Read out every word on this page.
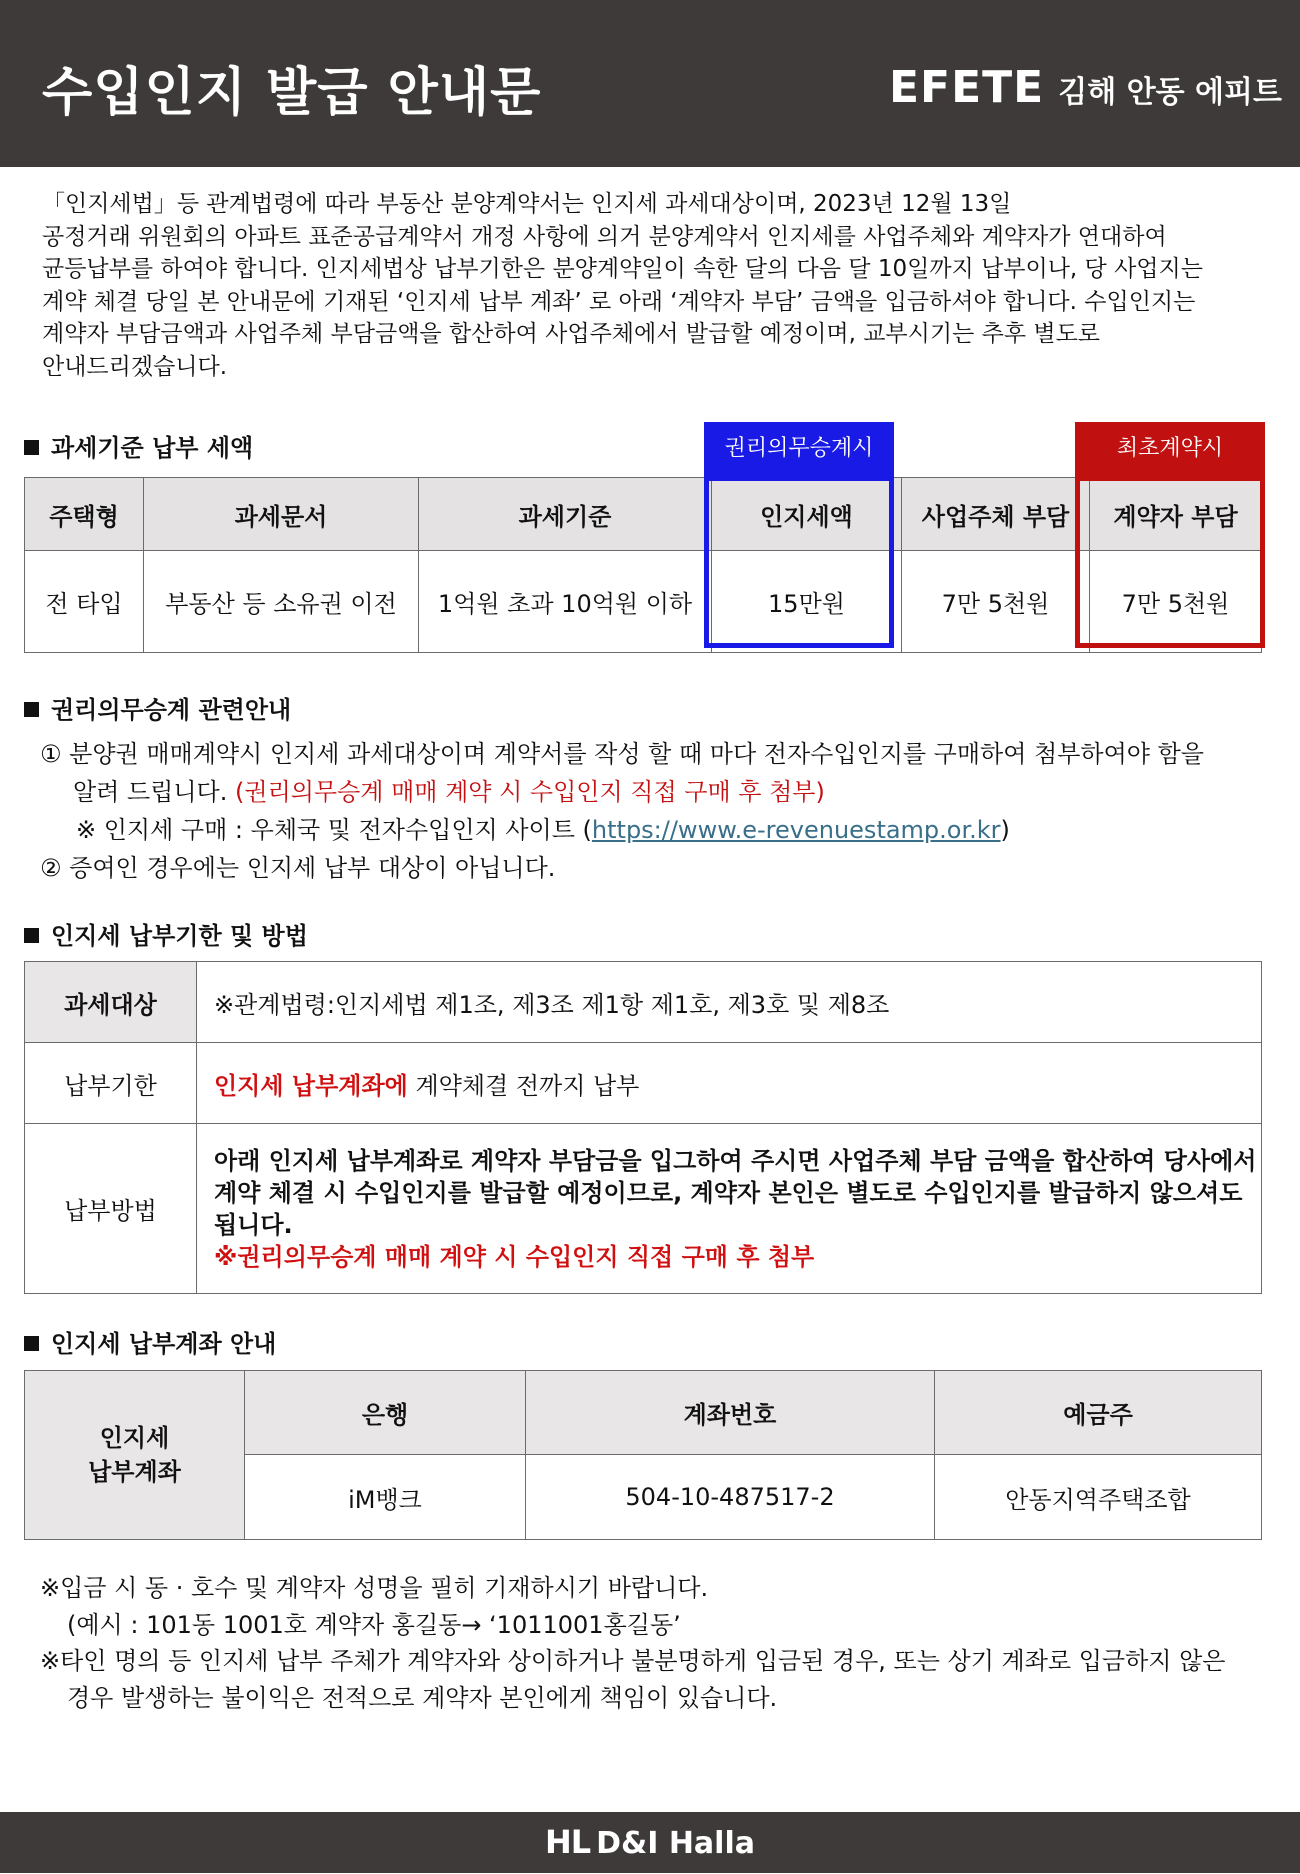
수입인지 발급 안내문	EFETE 김해 안동 에피트
「인지세법」등 관계법령에 따라 부동산 분양계약서는 인지세 과세대상이며, 2023년 12월 13일
공정거래 위원회의 아파트 표준공급계약서 개정 사항에 의거 분양계약서 인지세를 사업주체와 계약자가 연대하여
균등납부를 하여야 합니다. 인지세법상 납부기한은 분양계약일이 속한 달의 다음 달 10일까지 납부이나, 당 사업지는
계약 체결 당일 본 안내문에 기재된 ‘인지세 납부 계좌’ 로 아래 ‘계약자 부담’ 금액을 입금하셔야 합니다. 수입인지는
계약자 부담금액과 사업주체 부담금액을 합산하여 사업주체에서 발급할 예정이며, 교부시기는 추후 별도로
안내드리겠습니다.
과세기준 납부 세액	권리의무승계시	최초계약시
주택형	과세문서	과세기준	인지세액	사업주체 부담	계약자 부담
전 타입	부동산 등 소유권 이전	1억원 초과 10억원 이하	15만원	7만 5천원	7만 5천원
권리의무승계 관련안내
① 분양권 매매계약시 인지세 과세대상이며 계약서를 작성 할 때 마다 전자수입인지를 구매하여 첨부하여야 함을
알려 드립니다. (권리의무승계 매매 계약 시 수입인지 직접 구매 후 첨부)
※ 인지세 구매 : 우체국 및 전자수입인지 사이트 (https://www.e-revenuestamp.or.kr)
② 증여인 경우에는 인지세 납부 대상이 아닙니다.
인지세 납부기한 및 방법
과세대상	※관계법령:인지세법 제1조, 제3조 제1항 제1호, 제3호 및 제8조
납부기한	인지세 납부계좌에 계약체결 전까지 납부
납부방법	아래 인지세 납부계좌로 계약자 부담금을 입그하여 주시면 사업주체 부담 금액을 합산하여 당사에서
계약 체결 시 수입인지를 발급할 예정이므로, 계약자 본인은 별도로 수입인지를 발급하지 않으셔도
됩니다.
※권리의무승계 매매 계약 시 수입인지 직접 구매 후 첨부
인지세 납부계좌 안내
인지세
납부계좌	은행	계좌번호	예금주
	iM뱅크	504-10-487517-2	안동지역주택조합
※입금 시 동 · 호수 및 계약자 성명을 필히 기재하시기 바랍니다.
(예시 : 101동 1001호 계약자 홍길동→ ‘1011001홍길동’
※타인 명의 등 인지세 납부 주체가 계약자와 상이하거나 불분명하게 입금된 경우, 또는 상기 계좌로 입금하지 않은
경우 발생하는 불이익은 전적으로 계약자 본인에게 책임이 있습니다.
HL D&I Halla
